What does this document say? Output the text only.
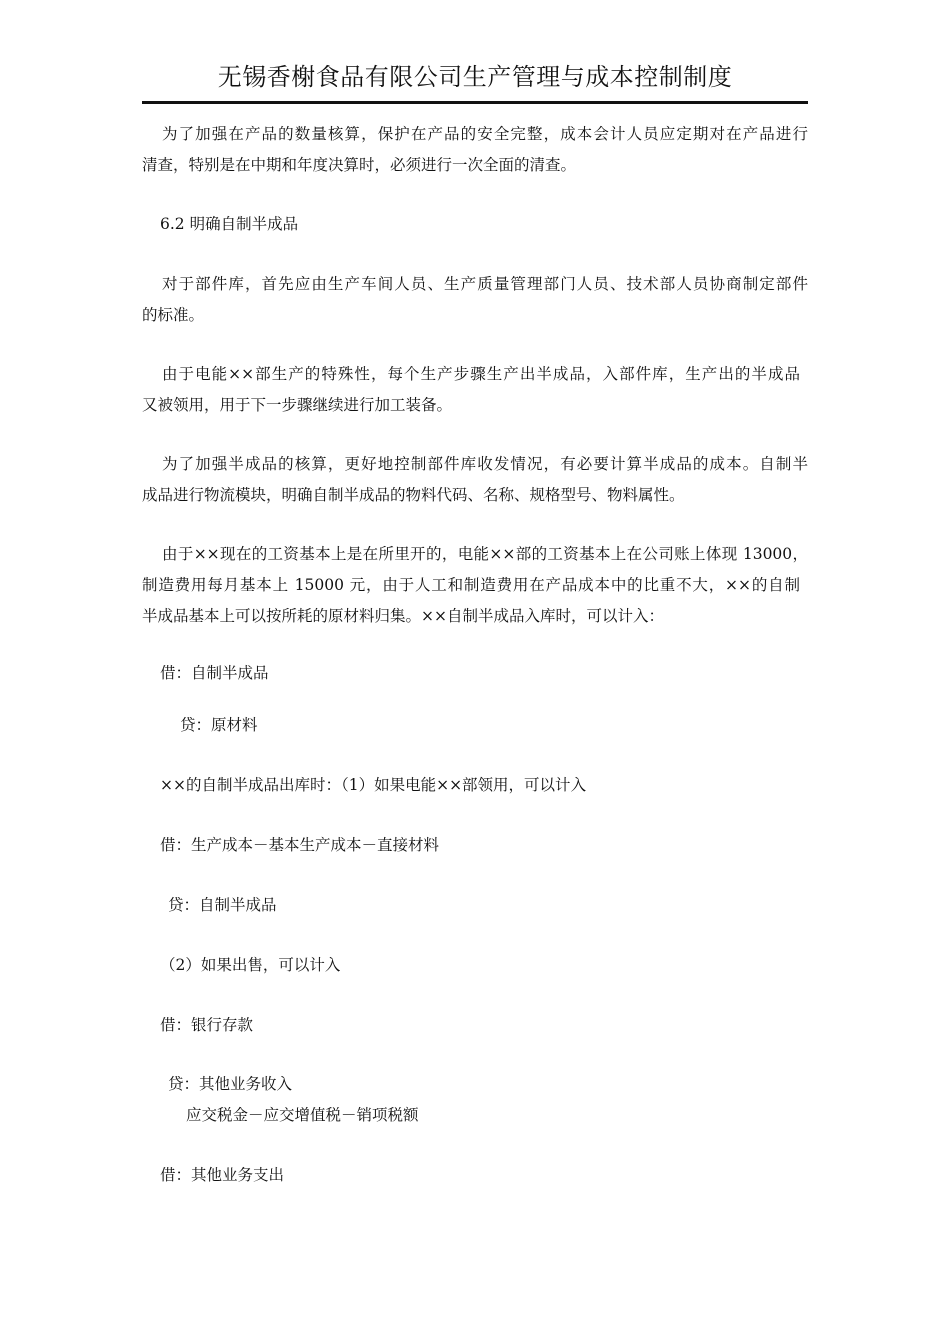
无锡香榭食品有限公司生产管理与成本控制制度
为了加强在产品的数量核算，保护在产品的安全完整，成本会计人员应定期对在产品进行
清查，特别是在中期和年度决算时，必须进行一次全面的清查。
6.2 明确自制半成品
对于部件库，首先应由生产车间人员、生产质量管理部门人员、技术部人员协商制定部件
的标准。
由于电能××部生产的特殊性，每个生产步骤生产出半成品，入部件库，生产出的半成品
又被领用，用于下一步骤继续进行加工装备。
为了加强半成品的核算，更好地控制部件库收发情况，有必要计算半成品的成本。自制半
成品进行物流模块，明确自制半成品的物料代码、名称、规格型号、物料属性。
由于××现在的工资基本上是在所里开的，电能××部的工资基本上在公司账上体现 13000，
制造费用每月基本上 15000 元，由于人工和制造费用在产品成本中的比重不大，××的自制
半成品基本上可以按所耗的原材料归集。××自制半成品入库时，可以计入：
借：自制半成品
贷：原材料
××的自制半成品出库时：（1）如果电能××部领用，可以计入
借：生产成本－基本生产成本－直接材料
贷：自制半成品
（2）如果出售，可以计入
借：银行存款
贷：其他业务收入
应交税金－应交增值税－销项税额
借：其他业务支出
